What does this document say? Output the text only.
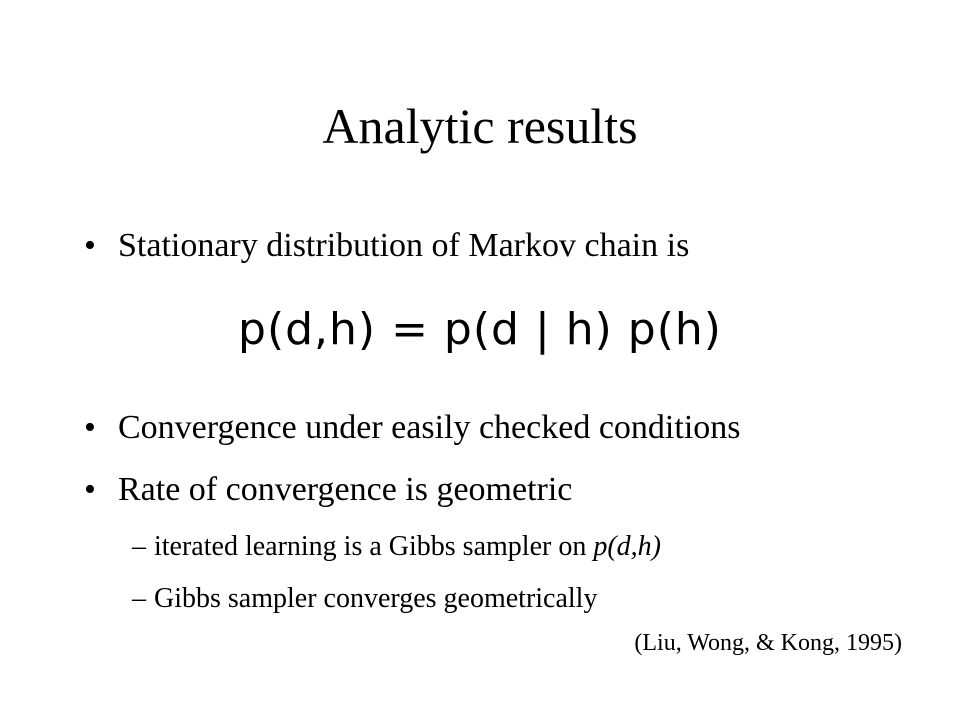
Analytic results
• Stationary distribution of Markov chain is
p(d,h) = p(d | h) p(h)
• Convergence under easily checked conditions
• Rate of convergence is geometric
– iterated learning is a Gibbs sampler on p(d,h)
– Gibbs sampler converges geometrically
(Liu, Wong, & Kong, 1995)
